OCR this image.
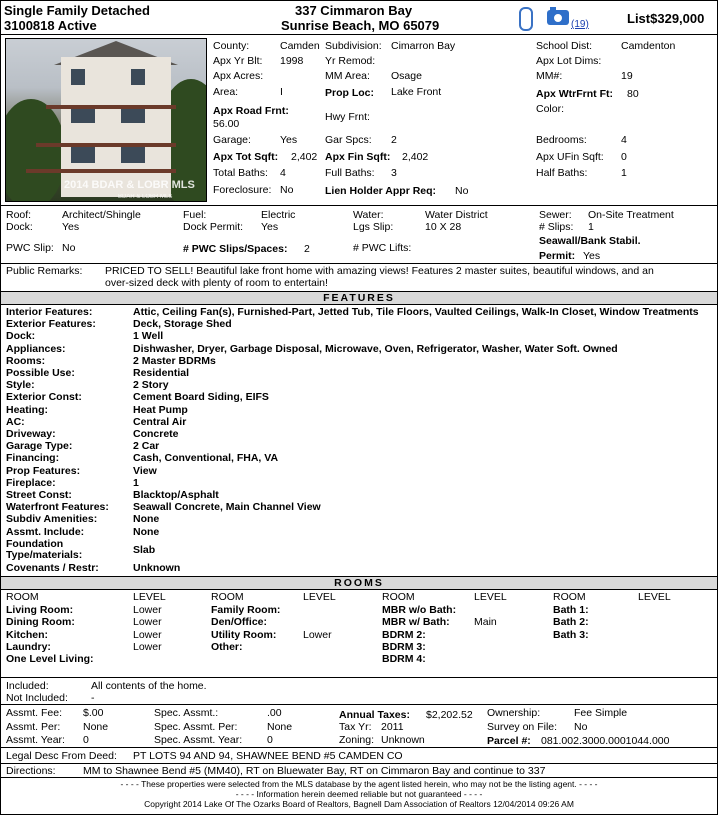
Single Family Detached
3100818 Active
337 Cimmaron Bay
Sunrise Beach, MO 65079	(19)	List$329,000
2014 BDAR & LOBR MLS
BDAR & LOBR MLS
County:	Camden Subdivision: Cimarron Bay	School Dist:	Camdenton
Apx Yr Blt: 1998 Yr Remod:	Apx Lot Dims:
Apx Acres:	MM Area: Osage	MM#:	19
Area:	I	Prop Loc: Lake Front	Apx WtrFrnt Ft: 80
Apx Road Frnt:
56.00
Hwy Frnt:
Color:
Garage:	Yes	Gar Spcs: 2	Bedrooms:	4
Apx Tot Sqft: 2,402 Apx Fin Sqft: 2,402	Apx UFin Sqft: 0
Total Baths: 4	Full Baths: 3	Half Baths:	1
Foreclosure: No	Lien Holder Appr Req: No
Roof:	Architect/Shingle	Fuel:	Electric	Water:	Water District	Sewer: On-Site Treatment
Dock:	Yes	Dock Permit: Yes	Lgs Slip:	10 X 28	# Slips: 1
PWC Slip: No	# PWC Slips/Spaces: 2	# PWC Lifts:
Seawall/Bank Stabil.
Permit: Yes
Public Remarks: PRICED TO SELL! Beautiful lake front home with amazing views! Features 2 master suites, beautiful windows, and an
over-sized deck with plenty of room to entertain!
FEATURES
Interior Features:	Attic, Ceiling Fan(s), Furnished-Part, Jetted Tub, Tile Floors, Vaulted Ceilings, Walk-In Closet, Window Treatments
Exterior Features:	Deck, Storage Shed
Dock:	1 Well
Appliances:	Dishwasher, Dryer, Garbage Disposal, Microwave, Oven, Refrigerator, Washer, Water Soft. Owned
Rooms:	2 Master BDRMs
Possible Use:	Residential
Style:	2 Story
Exterior Const:	Cement Board Siding, EIFS
Heating:	Heat Pump
AC:	Central Air
Driveway:	Concrete
Garage Type:	2 Car
Financing:	Cash, Conventional, FHA, VA
Prop Features:	View
Fireplace:	1
Street Const:	Blacktop/Asphalt
Waterfront Features: Seawall Concrete, Main Channel View
Subdiv Amenities:	None
Assmt. Include:	None
Foundation
Type/materials:	Slab
Covenants / Restr:	Unknown
ROOMS
ROOM	LEVEL
Living Room:	Lower
Dining Room:	Lower
Kitchen:	Lower
Laundry:	Lower
One Level Living:
ROOM	LEVEL
Family Room:
Den/Office:
Utility Room:	Lower
Other:
ROOM	LEVEL
MBR w/o Bath:
MBR w/ Bath: Main
BDRM 2:
BDRM 3:
BDRM 4:
ROOM	LEVEL
Bath 1:
Bath 2:
Bath 3:
Included:	All contents of the home.
Not Included: -
Assmt. Fee: $.00	Spec. Assmt.:	.00	Annual Taxes: $2,202.52 Ownership:	Fee Simple
Assmt. Per: None	Spec. Assmt. Per:	None	Tax Yr: 2011	Survey on File: No
Assmt. Year: 0	Spec. Assmt. Year: 0	Zoning: Unknown	Parcel #: 081.002.3000.0001044.000
Legal Desc From Deed: PT LOTS 94 AND 94, SHAWNEE BEND #5 CAMDEN CO
Directions:	MM to Shawnee Bend #5 (MM40), RT on Bluewater Bay, RT on Cimmaron Bay and continue to 337
- - - - These properties were selected from the MLS database by the agent listed herein, who may not be the listing agent. - - - -
- - - - Information herein deemed reliable but not guaranteed - - - -
Copyright 2014 Lake Of The Ozarks Board of Realtors, Bagnell Dam Association of Realtors 12/04/2014 09:26 AM
